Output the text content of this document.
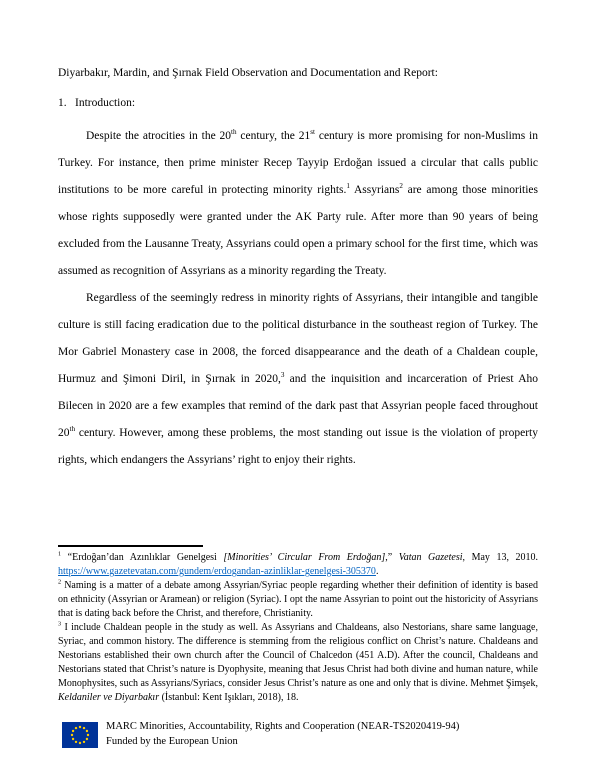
Diyarbakır, Mardin, and Şırnak Field Observation and Documentation and Report:
1. Introduction:

Despite the atrocities in the 20th century, the 21st century is more promising for non-Muslims in Turkey. For instance, then prime minister Recep Tayyip Erdoğan issued a circular that calls public institutions to be more careful in protecting minority rights.$^1$ Assyrians$^2$ are among those minorities whose rights supposedly were granted under the AK Party rule. After more than 90 years of being excluded from the Lausanne Treaty, Assyrians could open a primary school for the first time, which was assumed as recognition of Assyrians as a minority regarding the Treaty.

Regardless of the seemingly redress in minority rights of Assyrians, their intangible and tangible culture is still facing eradication due to the political disturbance in the southeast region of Turkey. The Mor Gabriel Monastery case in 2008, the forced disappearance and the death of a Chaldean couple, Hurmuz and Şimoni Diril, in Şırnak in 2020,$^3$ and the inquisition and incarceration of Priest Aho Bilecen in 2020 are a few examples that remind of the dark past that Assyrian people faced throughout 20th century. However, among these problems, the most standing out issue is the violation of property rights, which endangers the Assyrians’ right to enjoy their rights.

$^1$ “Erdoğan’dan Azınlıklar Genelgesi [Minorities’ Circular From Erdoğan],” Vatan Gazetesi, May 13, 2010. https://www.gazetevatan.com/gundem/erdogandan-azinliklar-genelgesi-305370.

$^2$ Naming is a matter of a debate among Assyrian/Syriac people regarding whether their definition of identity is based on ethnicity (Assyrian or Aramean) or religion (Syriac). I opt the name Assyrian to point out the historicity of Assyrians that is dating back before the Christ, and therefore, Christianity.

$^3$ I include Chaldean people in the study as well. As Assyrians and Chaldeans, also Nestorians, share same language, Syriac, and common history. The difference is stemming from the religious conflict on Christ’s nature. Chaldeans and Nestorians established their own church after the Council of Chalcedon (451 A.D). After the council, Chaldeans and Nestorians stated that Christ’s nature is Dyophysite, meaning that Jesus Christ had both divine and human nature, while Monophysites, such as Assyrians/Syriacs, consider Jesus Christ’s nature as one and only that is divine. Mehmet Şimşek, Keldaniler ve Diyarbakır (İstanbul: Kent Işıkları, 2018), 18.

MARC Minorities, Accountability, Rights and Cooperation (NEAR-TS2020419-94)
Funded by the European Union
